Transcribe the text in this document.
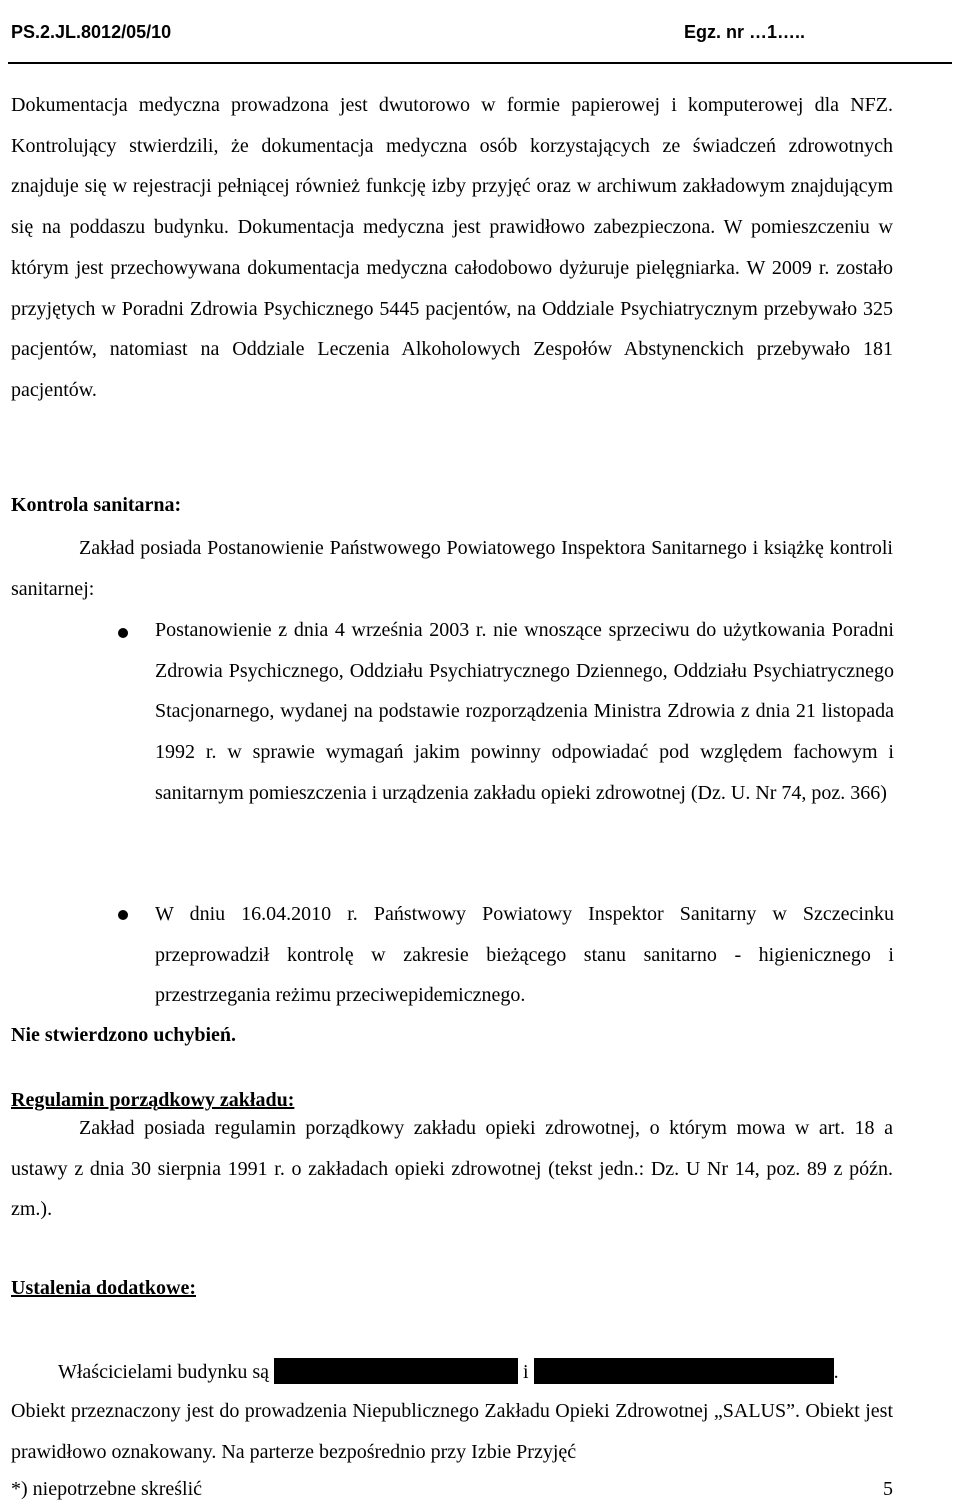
PS.2.JL.8012/05/10	Egz. nr …1…..

Dokumentacja medyczna prowadzona jest dwutorowo w formie papierowej i komputerowej dla NFZ. Kontrolujący stwierdzili, że dokumentacja medyczna osób korzystających ze świadczeń zdrowotnych znajduje się w rejestracji pełniącej również funkcję izby przyjęć oraz w archiwum zakładowym znajdującym się na poddaszu budynku. Dokumentacja medyczna jest prawidłowo zabezpieczona. W pomieszczeniu w którym jest przechowywana dokumentacja medyczna całodobowo dyżuruje pielęgniarka. W 2009 r. zostało przyjętych w Poradni Zdrowia Psychicznego 5445 pacjentów, na Oddziale Psychiatrycznym przebywało 325 pacjentów, natomiast na Oddziale Leczenia Alkoholowych Zespołów Abstynenckich przebywało 181 pacjentów.

Kontrola sanitarna:

Zakład posiada Postanowienie Państwowego Powiatowego Inspektora Sanitarnego i książkę kontroli sanitarnej:

Postanowienie z dnia 4 września 2003 r. nie wnoszące sprzeciwu do użytkowania Poradni Zdrowia Psychicznego, Oddziału Psychiatrycznego Dziennego, Oddziału Psychiatrycznego Stacjonarnego, wydanej na podstawie rozporządzenia Ministra Zdrowia z dnia 21 listopada 1992 r. w sprawie wymagań jakim powinny odpowiadać pod względem fachowym i sanitarnym pomieszczenia i urządzenia zakładu opieki zdrowotnej (Dz. U. Nr 74, poz. 366)

W dniu 16.04.2010 r. Państwowy Powiatowy Inspektor Sanitarny w Szczecinku przeprowadził kontrolę w zakresie bieżącego stanu sanitarno - higienicznego i przestrzegania reżimu przeciwepidemicznego.

Nie stwierdzono uchybień.

Regulamin porządkowy zakładu:

Zakład posiada regulamin porządkowy zakładu opieki zdrowotnej, o którym mowa w art. 18 a ustawy z dnia 30 sierpnia 1991 r. o zakładach opieki zdrowotnej (tekst jedn.: Dz. U Nr 14, poz. 89 z późn. zm.).

Ustalenia dodatkowe:

Właścicielami budynku są	i	.

Obiekt przeznaczony jest do prowadzenia Niepublicznego Zakładu Opieki Zdrowotnej „SALUS”. Obiekt jest prawidłowo oznakowany. Na parterze bezpośrednio przy Izbie Przyjęć

*) niepotrzebne skreślić	5
